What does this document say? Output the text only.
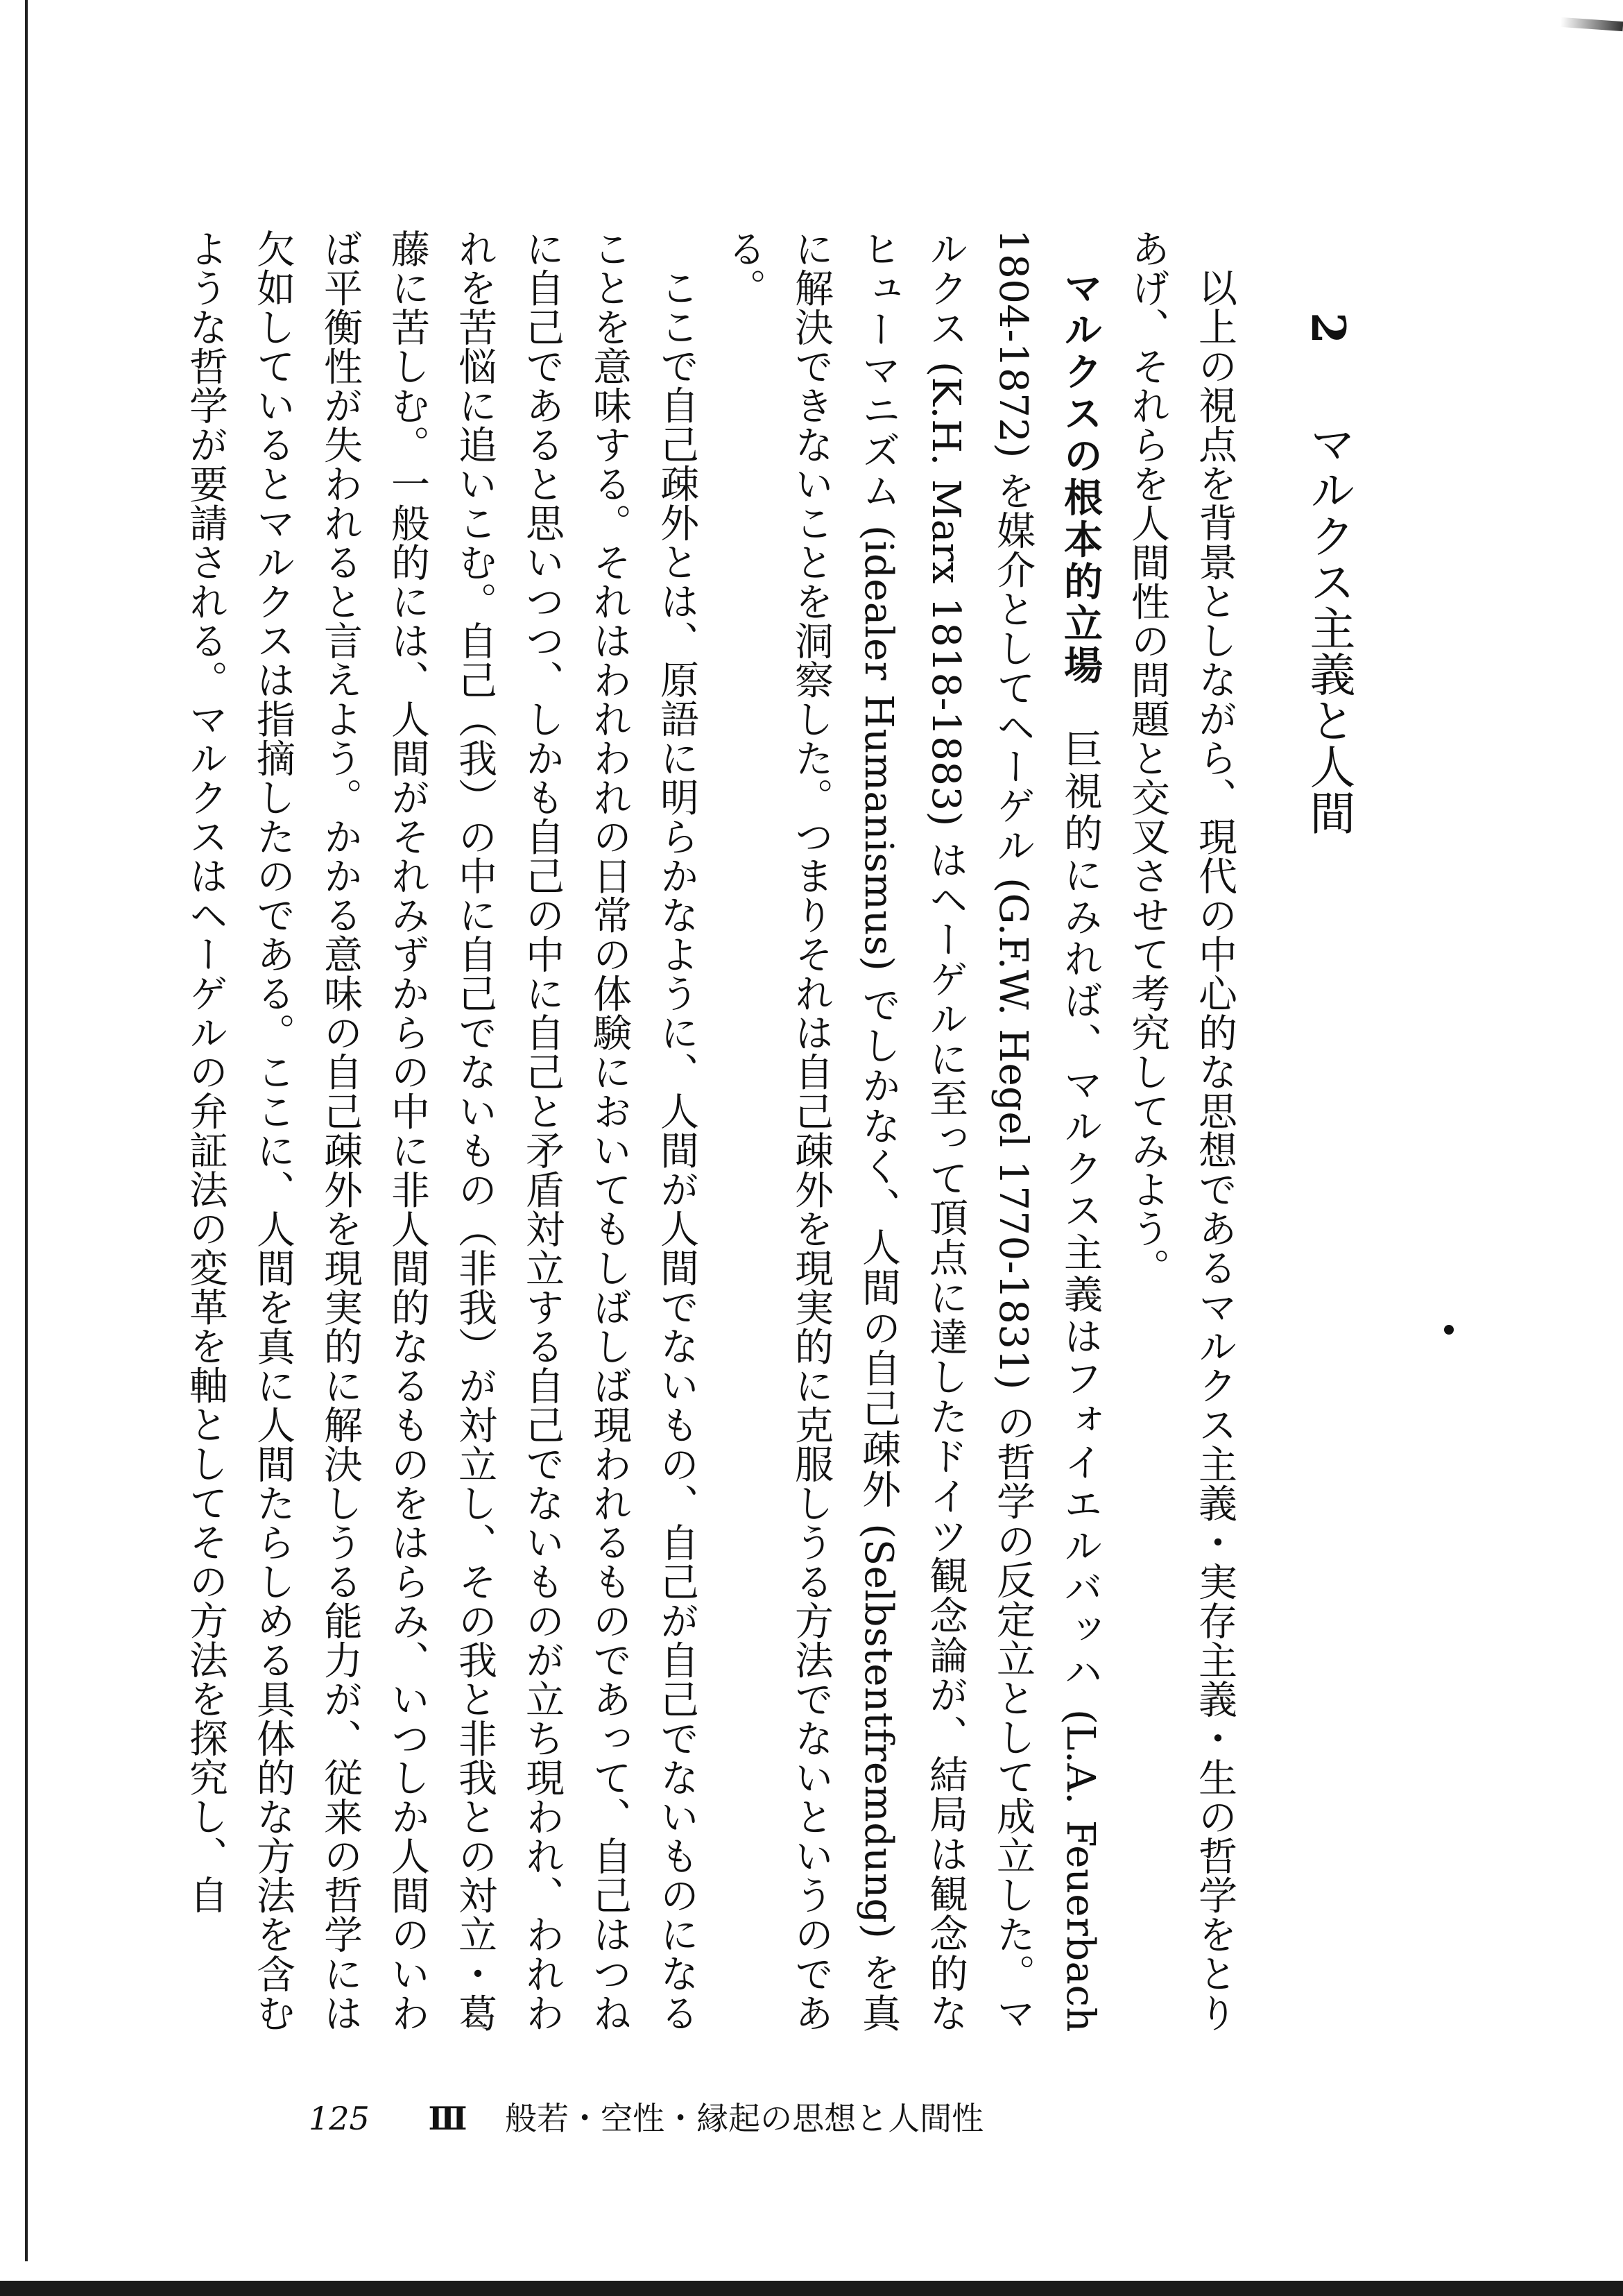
2 　 マルクス主義と人間

以上の視点を背景としながら、現代の中心的な思想であるマルクス主義・実存主義・生の哲学をとりあげ、それらを人間性の問題と交叉させて考究してみよう。

マルクスの根本的立場　巨視的にみれば、マルクス主義はフォイエルバッハ (L.A. Feuerbach 1804-1872) を媒介としてヘーゲル (G.F.W. Hegel 1770-1831) の哲学の反定立として成立した。マルクス (K.H. Marx 1818-1883) はヘーゲルに至って頂点に達したドイツ観念論が、結局は観念的なヒューマニズム (idealer Humanismus) でしかなく、人間の自己疎外 (Selbstentfremdung) を真に解決できないことを洞察した。つまりそれは自己疎外を現実的に克服しうる方法でないというのである。

ここで自己疎外とは、原語に明らかなように、人間が人間でないもの、自己が自己でないものになることを意味する。それはわれわれの日常の体験においてもしばしば現われるものであって、自己はつねに自己であると思いつつ、しかも自己の中に自己と矛盾対立する自己でないものが立ち現われ、われわれを苦悩に追いこむ。自己（我）の中に自己でないもの（非我）が対立し、その我と非我との対立・葛藤に苦しむ。一般的には、人間がそれみずからの中に非人間的なるものをはらみ、いつしか人間のいわば平衡性が失われると言えよう。かかる意味の自己疎外を現実的に解決しうる能力が、従来の哲学には欠如しているとマルクスは指摘したのである。ここに、人間を真に人間たらしめる具体的な方法を含むような哲学が要請される。マルクスはヘーゲルの弁証法の変革を軸としてその方法を探究し、自

125 Ⅲ 般若・空性・縁起の思想と人間性
